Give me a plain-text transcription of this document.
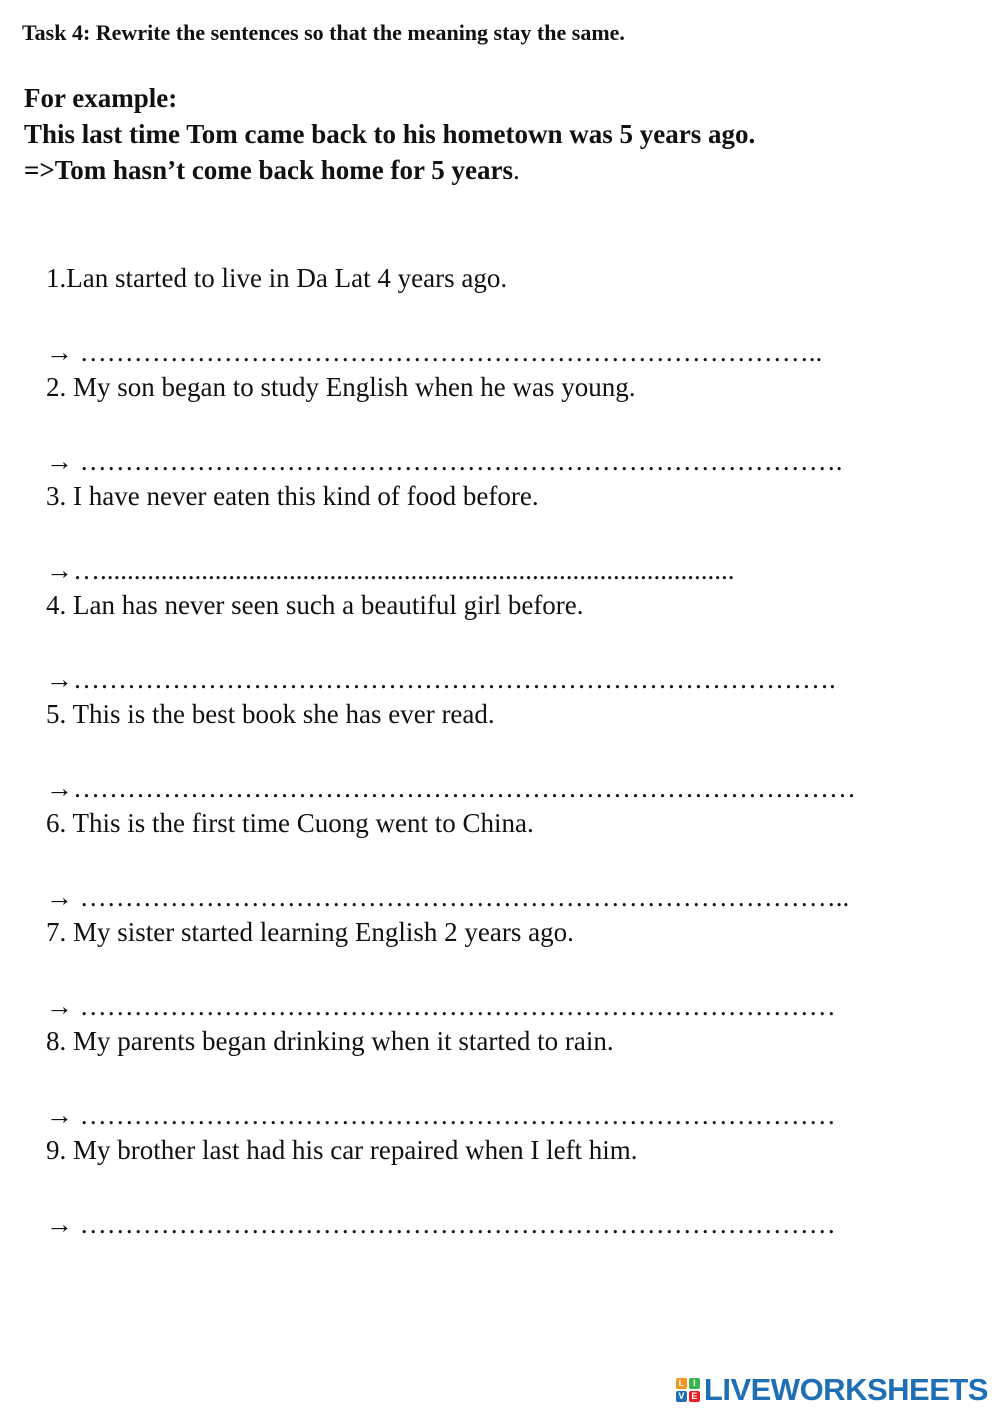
Task 4: Rewrite the sentences so that the meaning stay the same.
For example:
This last time Tom came back to his hometown was 5 years ago.
=>Tom hasn’t come back home for 5 years.
1.Lan started to live in Da Lat 4 years ago.
→ ………………………………………………………………………..
2. My son began to study English when he was young.
→ ………………………………………………………………………….
3. I have never eaten this kind of food before.
→…..............................................................................................
4. Lan has never seen such a beautiful girl before.
→………………………………………………………………………….
5. This is the best book she has ever read.
→……………………………………………………………………………
6. This is the first time Cuong went to China.
→ …………………………………………………………………………..
7. My sister started learning English 2 years ago.
→ …………………………………………………………………………
8. My parents began drinking when it started to rain.
→ …………………………………………………………………………
9. My brother last had his car repaired when I left him.
→ …………………………………………………………………………
L I
V E LIVEWORKSHEETS
